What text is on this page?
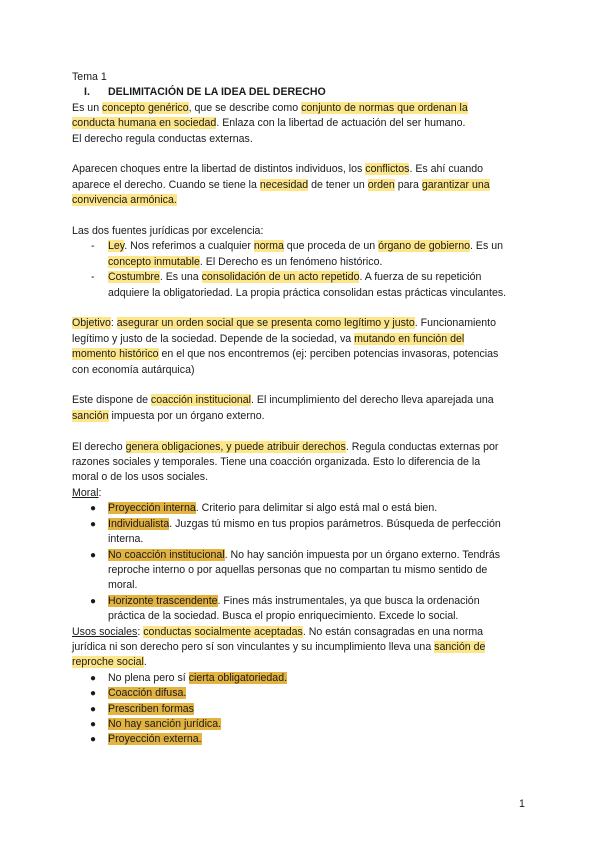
Tema 1
I. DELIMITACIÓN DE LA IDEA DEL DERECHO
Es un concepto genérico, que se describe como conjunto de normas que ordenan la
conducta humana en sociedad. Enlaza con la libertad de actuación del ser humano.
El derecho regula conductas externas.
Aparecen choques entre la libertad de distintos individuos, los conflictos. Es ahí cuando
aparece el derecho. Cuando se tiene la necesidad de tener un orden para garantizar una
convivencia armónica.
Las dos fuentes jurídicas por excelencia:
- Ley. Nos referimos a cualquier norma que proceda de un órgano de gobierno. Es un
concepto inmutable. El Derecho es un fenómeno histórico.
- Costumbre. Es una consolidación de un acto repetido. A fuerza de su repetición
adquiere la obligatoriedad. La propia práctica consolidan estas prácticas vinculantes.
Objetivo: asegurar un orden social que se presenta como legítimo y justo. Funcionamiento
legítimo y justo de la sociedad. Depende de la sociedad, va mutando en función del
momento histórico en el que nos encontremos (ej: perciben potencias invasoras, potencias
con economía autárquica)
Este dispone de coacción institucional. El incumplimiento del derecho lleva aparejada una
sanción impuesta por un órgano externo.
El derecho genera obligaciones, y puede atribuir derechos. Regula conductas externas por
razones sociales y temporales. Tiene una coacción organizada. Esto lo diferencia de la
moral o de los usos sociales.
Moral:
● Proyección interna. Criterio para delimitar si algo está mal o está bien.
● Individualista. Juzgas tú mismo en tus propios parámetros. Búsqueda de perfección
interna.
● No coacción institucional. No hay sanción impuesta por un órgano externo. Tendrás
reproche interno o por aquellas personas que no compartan tu mismo sentido de
moral.
● Horizonte trascendente. Fines más instrumentales, ya que busca la ordenación
práctica de la sociedad. Busca el propio enriquecimiento. Excede lo social.
Usos sociales: conductas socialmente aceptadas. No están consagradas en una norma
jurídica ni son derecho pero sí son vinculantes y su incumplimiento lleva una sanción de
reproche social.
● No plena pero sí cierta obligatoriedad.
● Coacción difusa.
● Prescriben formas
● No hay sanción jurídica.
● Proyección externa.
1
